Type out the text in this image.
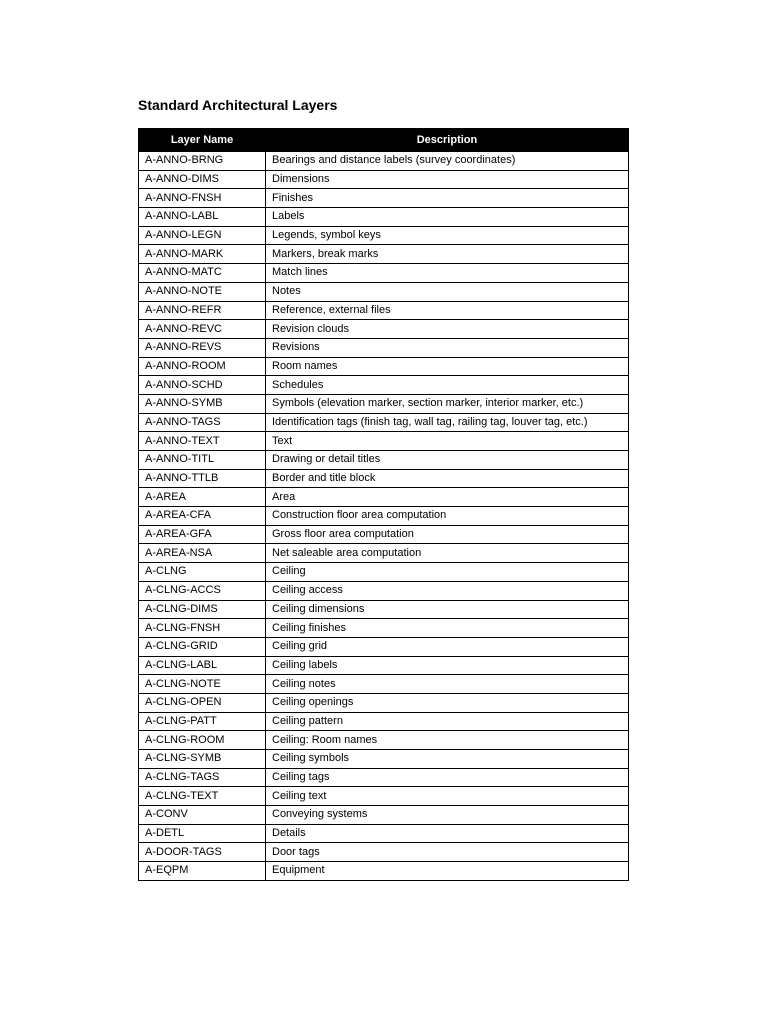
Standard Architectural Layers
Layer Name	Description
A-ANNO-BRNG	Bearings and distance labels (survey coordinates)
A-ANNO-DIMS	Dimensions
A-ANNO-FNSH	Finishes
A-ANNO-LABL	Labels
A-ANNO-LEGN	Legends, symbol keys
A-ANNO-MARK	Markers, break marks
A-ANNO-MATC	Match lines
A-ANNO-NOTE	Notes
A-ANNO-REFR	Reference, external files
A-ANNO-REVC	Revision clouds
A-ANNO-REVS	Revisions
A-ANNO-ROOM	Room names
A-ANNO-SCHD	Schedules
A-ANNO-SYMB	Symbols (elevation marker, section marker, interior marker, etc.)
A-ANNO-TAGS	Identification tags (finish tag, wall tag, railing tag, louver tag, etc.)
A-ANNO-TEXT	Text
A-ANNO-TITL	Drawing or detail titles
A-ANNO-TTLB	Border and title block
A-AREA	Area
A-AREA-CFA	Construction floor area computation
A-AREA-GFA	Gross floor area computation
A-AREA-NSA	Net saleable area computation
A-CLNG	Ceiling
A-CLNG-ACCS	Ceiling access
A-CLNG-DIMS	Ceiling dimensions
A-CLNG-FNSH	Ceiling finishes
A-CLNG-GRID	Ceiling grid
A-CLNG-LABL	Ceiling labels
A-CLNG-NOTE	Ceiling notes
A-CLNG-OPEN	Ceiling openings
A-CLNG-PATT	Ceiling pattern
A-CLNG-ROOM	Ceiling: Room names
A-CLNG-SYMB	Ceiling symbols
A-CLNG-TAGS	Ceiling tags
A-CLNG-TEXT	Ceiling text
A-CONV	Conveying systems
A-DETL	Details
A-DOOR-TAGS	Door tags
A-EQPM	Equipment
